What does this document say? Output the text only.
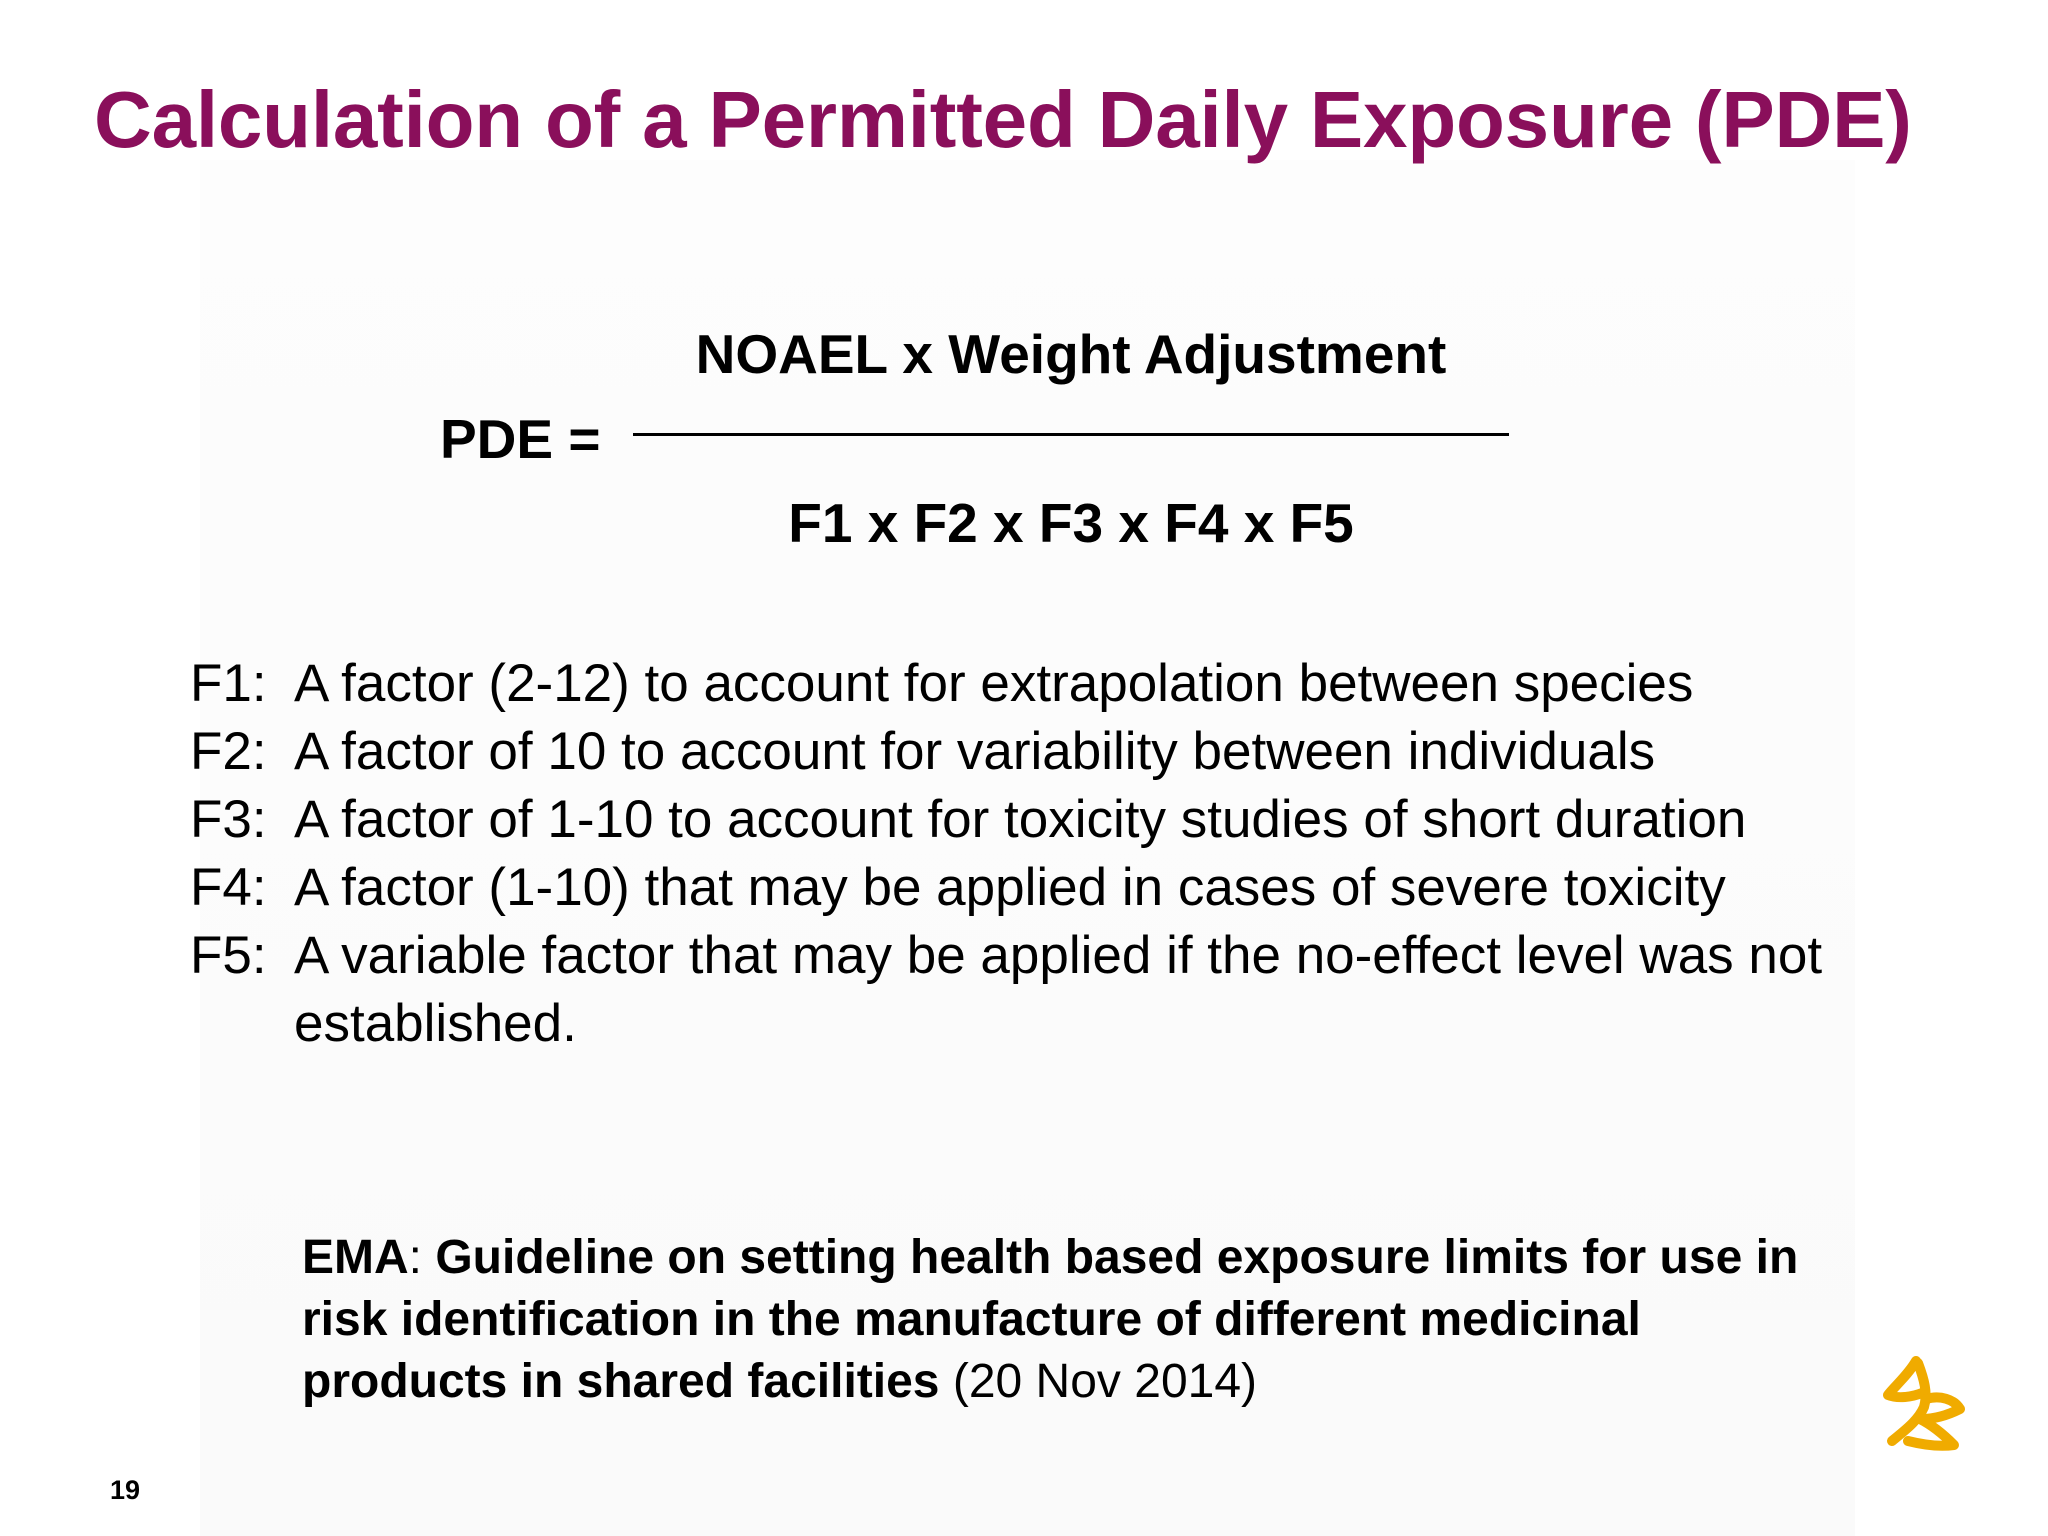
Calculation of a Permitted Daily Exposure (PDE)
PDE =
NOAEL x Weight Adjustment
F1 x F2 x F3 x F4 x F5
F1: A factor (2-12) to account for extrapolation between species
F2: A factor of 10 to account for variability between individuals
F3: A factor of 1-10 to account for toxicity studies of short duration
F4: A factor (1-10) that may be applied in cases of severe toxicity
F5: A variable factor that may be applied if the no-effect level was not established.
EMA: Guideline on setting health based exposure limits for use in risk identification in the manufacture of different medicinal products in shared facilities (20 Nov 2014)
19
